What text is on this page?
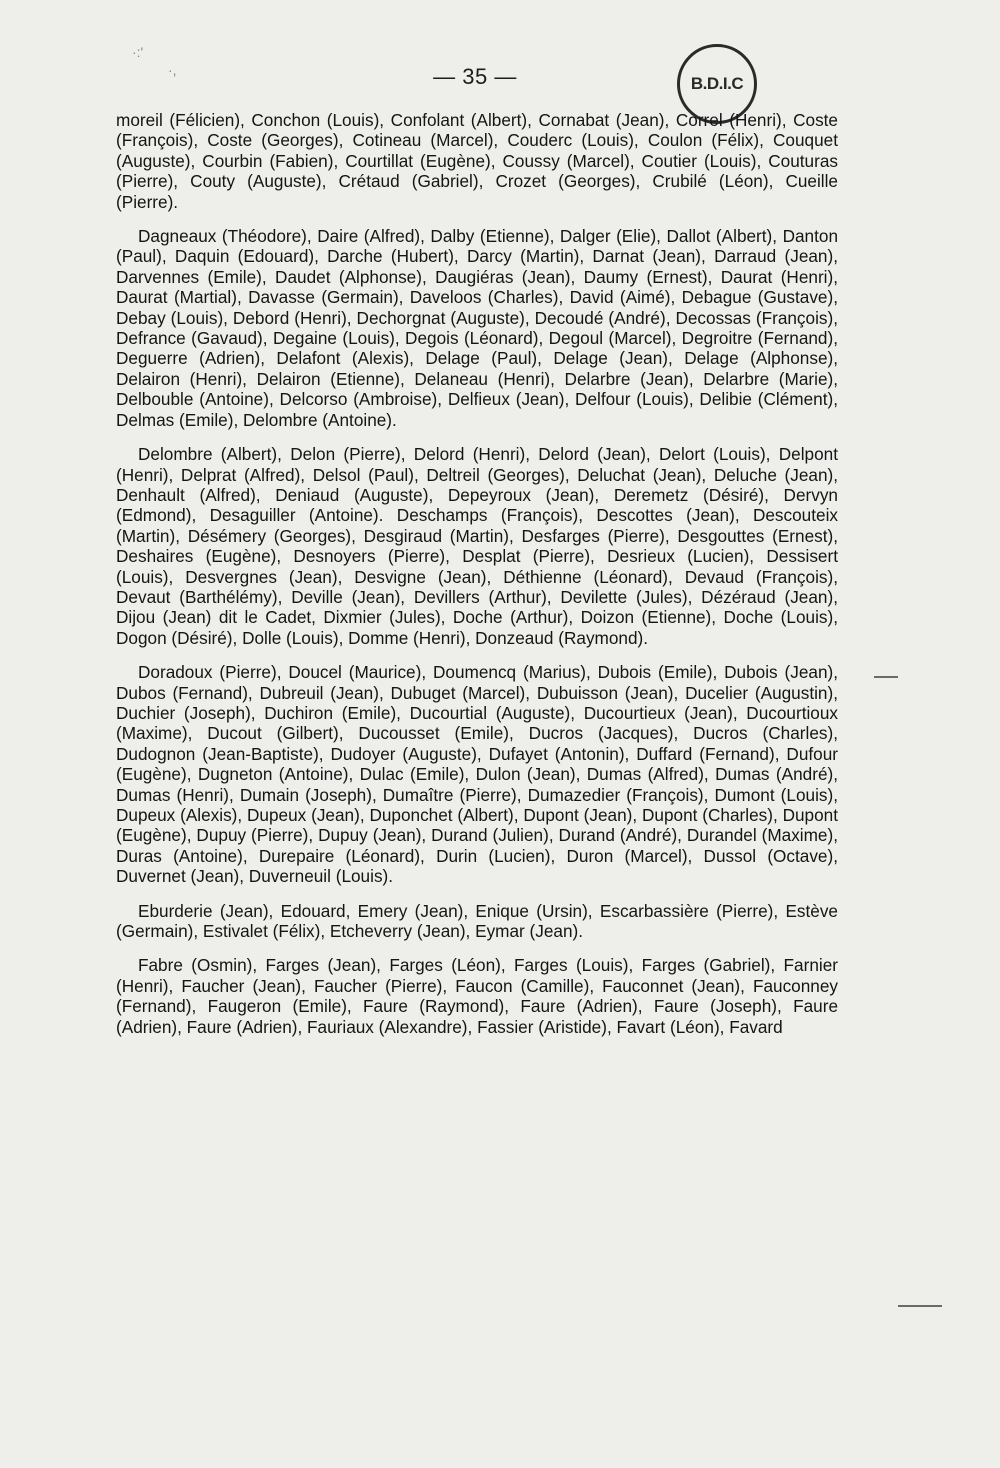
·:'
·,	— 35 —	B.D.I.C

moreil (Félicien), Conchon (Louis), Confolant (Albert), Cornabat (Jean), Correl (Henri), Coste (François), Coste (Georges), Cotineau (Marcel), Couderc (Louis), Coulon (Félix), Couquet (Auguste), Courbin (Fabien), Courtillat (Eugène), Coussy (Marcel), Coutier (Louis), Couturas (Pierre), Couty (Auguste), Crétaud (Gabriel), Crozet (Georges), Crubilé (Léon), Cueille (Pierre).

Dagneaux (Théodore), Daire (Alfred), Dalby (Etienne), Dalger (Elie), Dallot (Albert), Danton (Paul), Daquin (Edouard), Darche (Hubert), Darcy (Martin), Darnat (Jean), Darraud (Jean), Darvennes (Emile), Daudet (Alphonse), Daugiéras (Jean), Daumy (Ernest), Daurat (Henri), Daurat (Martial), Davasse (Germain), Daveloos (Charles), David (Aimé), Debague (Gustave), Debay (Louis), Debord (Henri), Dechorgnat (Auguste), Decoudé (André), Decossas (François), Defrance (Gavaud), Degaine (Louis), Degois (Léonard), Degoul (Marcel), Degroitre (Fernand), Deguerre (Adrien), Delafont (Alexis), Delage (Paul), Delage (Jean), Delage (Alphonse), Delairon (Henri), Delairon (Etienne), Delaneau (Henri), Delarbre (Jean), Delarbre (Marie), Delbouble (Antoine), Delcorso (Ambroise), Delfieux (Jean), Delfour (Louis), Delibie (Clément), Delmas (Emile), Delombre (Antoine).

Delombre (Albert), Delon (Pierre), Delord (Henri), Delord (Jean), Delort (Louis), Delpont (Henri), Delprat (Alfred), Delsol (Paul), Deltreil (Georges), Deluchat (Jean), Deluche (Jean), Denhault (Alfred), Deniaud (Auguste), Depeyroux (Jean), Deremetz (Désiré), Dervyn (Edmond), Desaguiller (Antoine). Deschamps (François), Descottes (Jean), Descouteix (Martin), Désémery (Georges), Desgiraud (Martin), Desfarges (Pierre), Desgouttes (Ernest), Deshaires (Eugène), Desnoyers (Pierre), Desplat (Pierre), Desrieux (Lucien), Dessisert (Louis), Desvergnes (Jean), Desvigne (Jean), Déthienne (Léonard), Devaud (François), Devaut (Barthélémy), Deville (Jean), Devillers (Arthur), Devilette (Jules), Dézéraud (Jean), Dijou (Jean) dit le Cadet, Dixmier (Jules), Doche (Arthur), Doizon (Etienne), Doche (Louis), Dogon (Désiré), Dolle (Louis), Domme (Henri), Donzeaud (Raymond).

Doradoux (Pierre), Doucel (Maurice), Doumencq (Marius), Dubois (Emile), Dubois (Jean), Dubos (Fernand), Dubreuil (Jean), Dubuget (Marcel), Dubuisson (Jean), Ducelier (Augustin), Duchier (Joseph), Duchiron (Emile), Ducourtial (Auguste), Ducourtieux (Jean), Ducourtioux (Maxime), Ducout (Gilbert), Ducousset (Emile), Ducros (Jacques), Ducros (Charles), Dudognon (Jean-Baptiste), Dudoyer (Auguste), Dufayet (Antonin), Duffard (Fernand), Dufour (Eugène), Dugneton (Antoine), Dulac (Emile), Dulon (Jean), Dumas (Alfred), Dumas (André), Dumas (Henri), Dumain (Joseph), Dumaître (Pierre), Dumazedier (François), Dumont (Louis), Dupeux (Alexis), Dupeux (Jean), Duponchet (Albert), Dupont (Jean), Dupont (Charles), Dupont (Eugène), Dupuy (Pierre), Dupuy (Jean), Durand (Julien), Durand (André), Durandel (Maxime), Duras (Antoine), Durepaire (Léonard), Durin (Lucien), Duron (Marcel), Dussol (Octave), Duvernet (Jean), Duverneuil (Louis).

Eburderie (Jean), Edouard, Emery (Jean), Enique (Ursin), Escarbassière (Pierre), Estève (Germain), Estivalet (Félix), Etcheverry (Jean), Eymar (Jean).

Fabre (Osmin), Farges (Jean), Farges (Léon), Farges (Louis), Farges (Gabriel), Farnier (Henri), Faucher (Jean), Faucher (Pierre), Faucon (Camille), Fauconnet (Jean), Fauconney (Fernand), Faugeron (Emile), Faure (Raymond), Faure (Adrien), Faure (Joseph), Faure (Adrien), Faure (Adrien), Fauriaux (Alexandre), Fassier (Aristide), Favart (Léon), Favard
